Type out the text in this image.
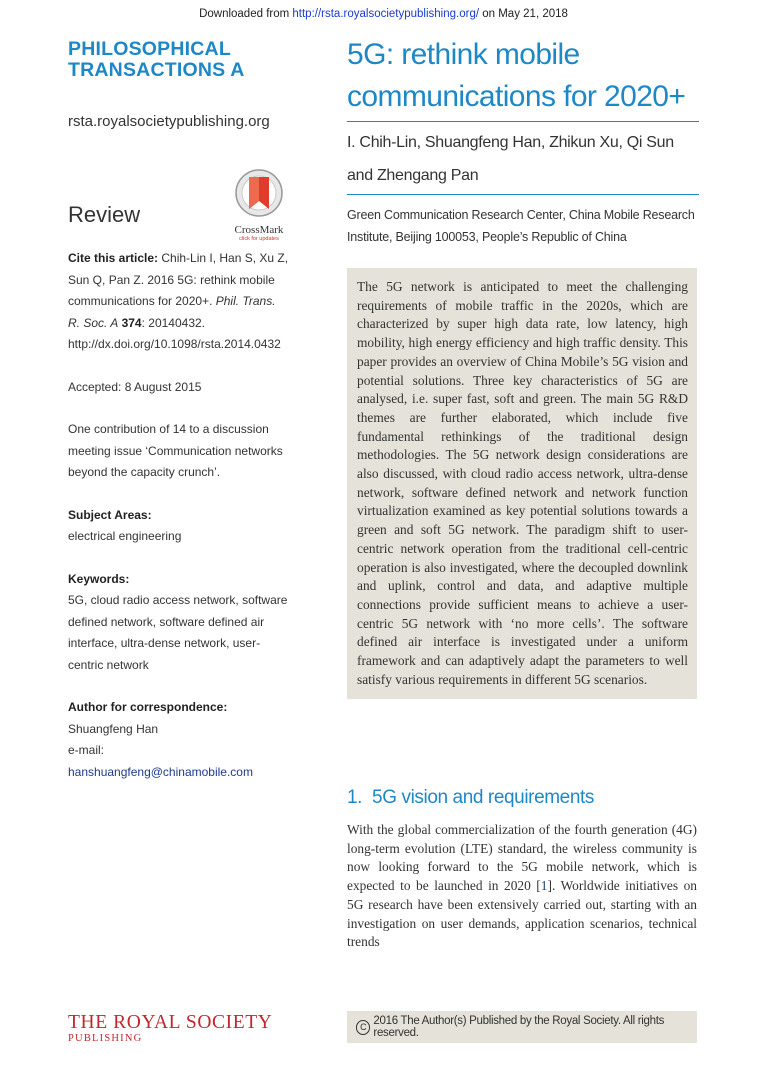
Downloaded from http://rsta.royalsocietypublishing.org/ on May 21, 2018
PHILOSOPHICAL
TRANSACTIONS A
rsta.royalsocietypublishing.org
CrossMark
click for updates
Review
Cite this article: Chih-Lin I, Han S, Xu Z, Sun Q, Pan Z. 2016 5G: rethink mobile communications for 2020+. Phil. Trans. R. Soc. A 374: 20140432.
http://dx.doi.org/10.1098/rsta.2014.0432
Accepted: 8 August 2015
One contribution of 14 to a discussion meeting issue ‘Communication networks beyond the capacity crunch’.
Subject Areas:
electrical engineering
Keywords:
5G, cloud radio access network, software defined network, software defined air interface, ultra-dense network, user-centric network
Author for correspondence:
Shuangfeng Han
e-mail: hanshuangfeng@chinamobile.com
5G: rethink mobile communications for 2020+
I. Chih-Lin, Shuangfeng Han, Zhikun Xu, Qi Sun and Zhengang Pan
Green Communication Research Center, China Mobile Research Institute, Beijing 100053, People’s Republic of China
The 5G network is anticipated to meet the challenging requirements of mobile traffic in the 2020s, which are characterized by super high data rate, low latency, high mobility, high energy efficiency and high traffic density. This paper provides an overview of China Mobile’s 5G vision and potential solutions. Three key characteristics of 5G are analysed, i.e. super fast, soft and green. The main 5G R&D themes are further elaborated, which include five fundamental rethinkings of the traditional design methodologies. The 5G network design considerations are also discussed, with cloud radio access network, ultra-dense network, software defined network and network function virtualization examined as key potential solutions towards a green and soft 5G network. The paradigm shift to user-centric network operation from the traditional cell-centric operation is also investigated, where the decoupled downlink and uplink, control and data, and adaptive multiple connections provide sufficient means to achieve a user-centric 5G network with ‘no more cells’. The software defined air interface is investigated under a uniform framework and can adaptively adapt the parameters to well satisfy various requirements in different 5G scenarios.
1. 5G vision and requirements
With the global commercialization of the fourth generation (4G) long-term evolution (LTE) standard, the wireless community is now looking forward to the 5G mobile network, which is expected to be launched in 2020 [1]. Worldwide initiatives on 5G research have been extensively carried out, starting with an investigation on user demands, application scenarios, technical trends
THE ROYAL SOCIETY
PUBLISHING
C 2016 The Author(s) Published by the Royal Society. All rights reserved.
